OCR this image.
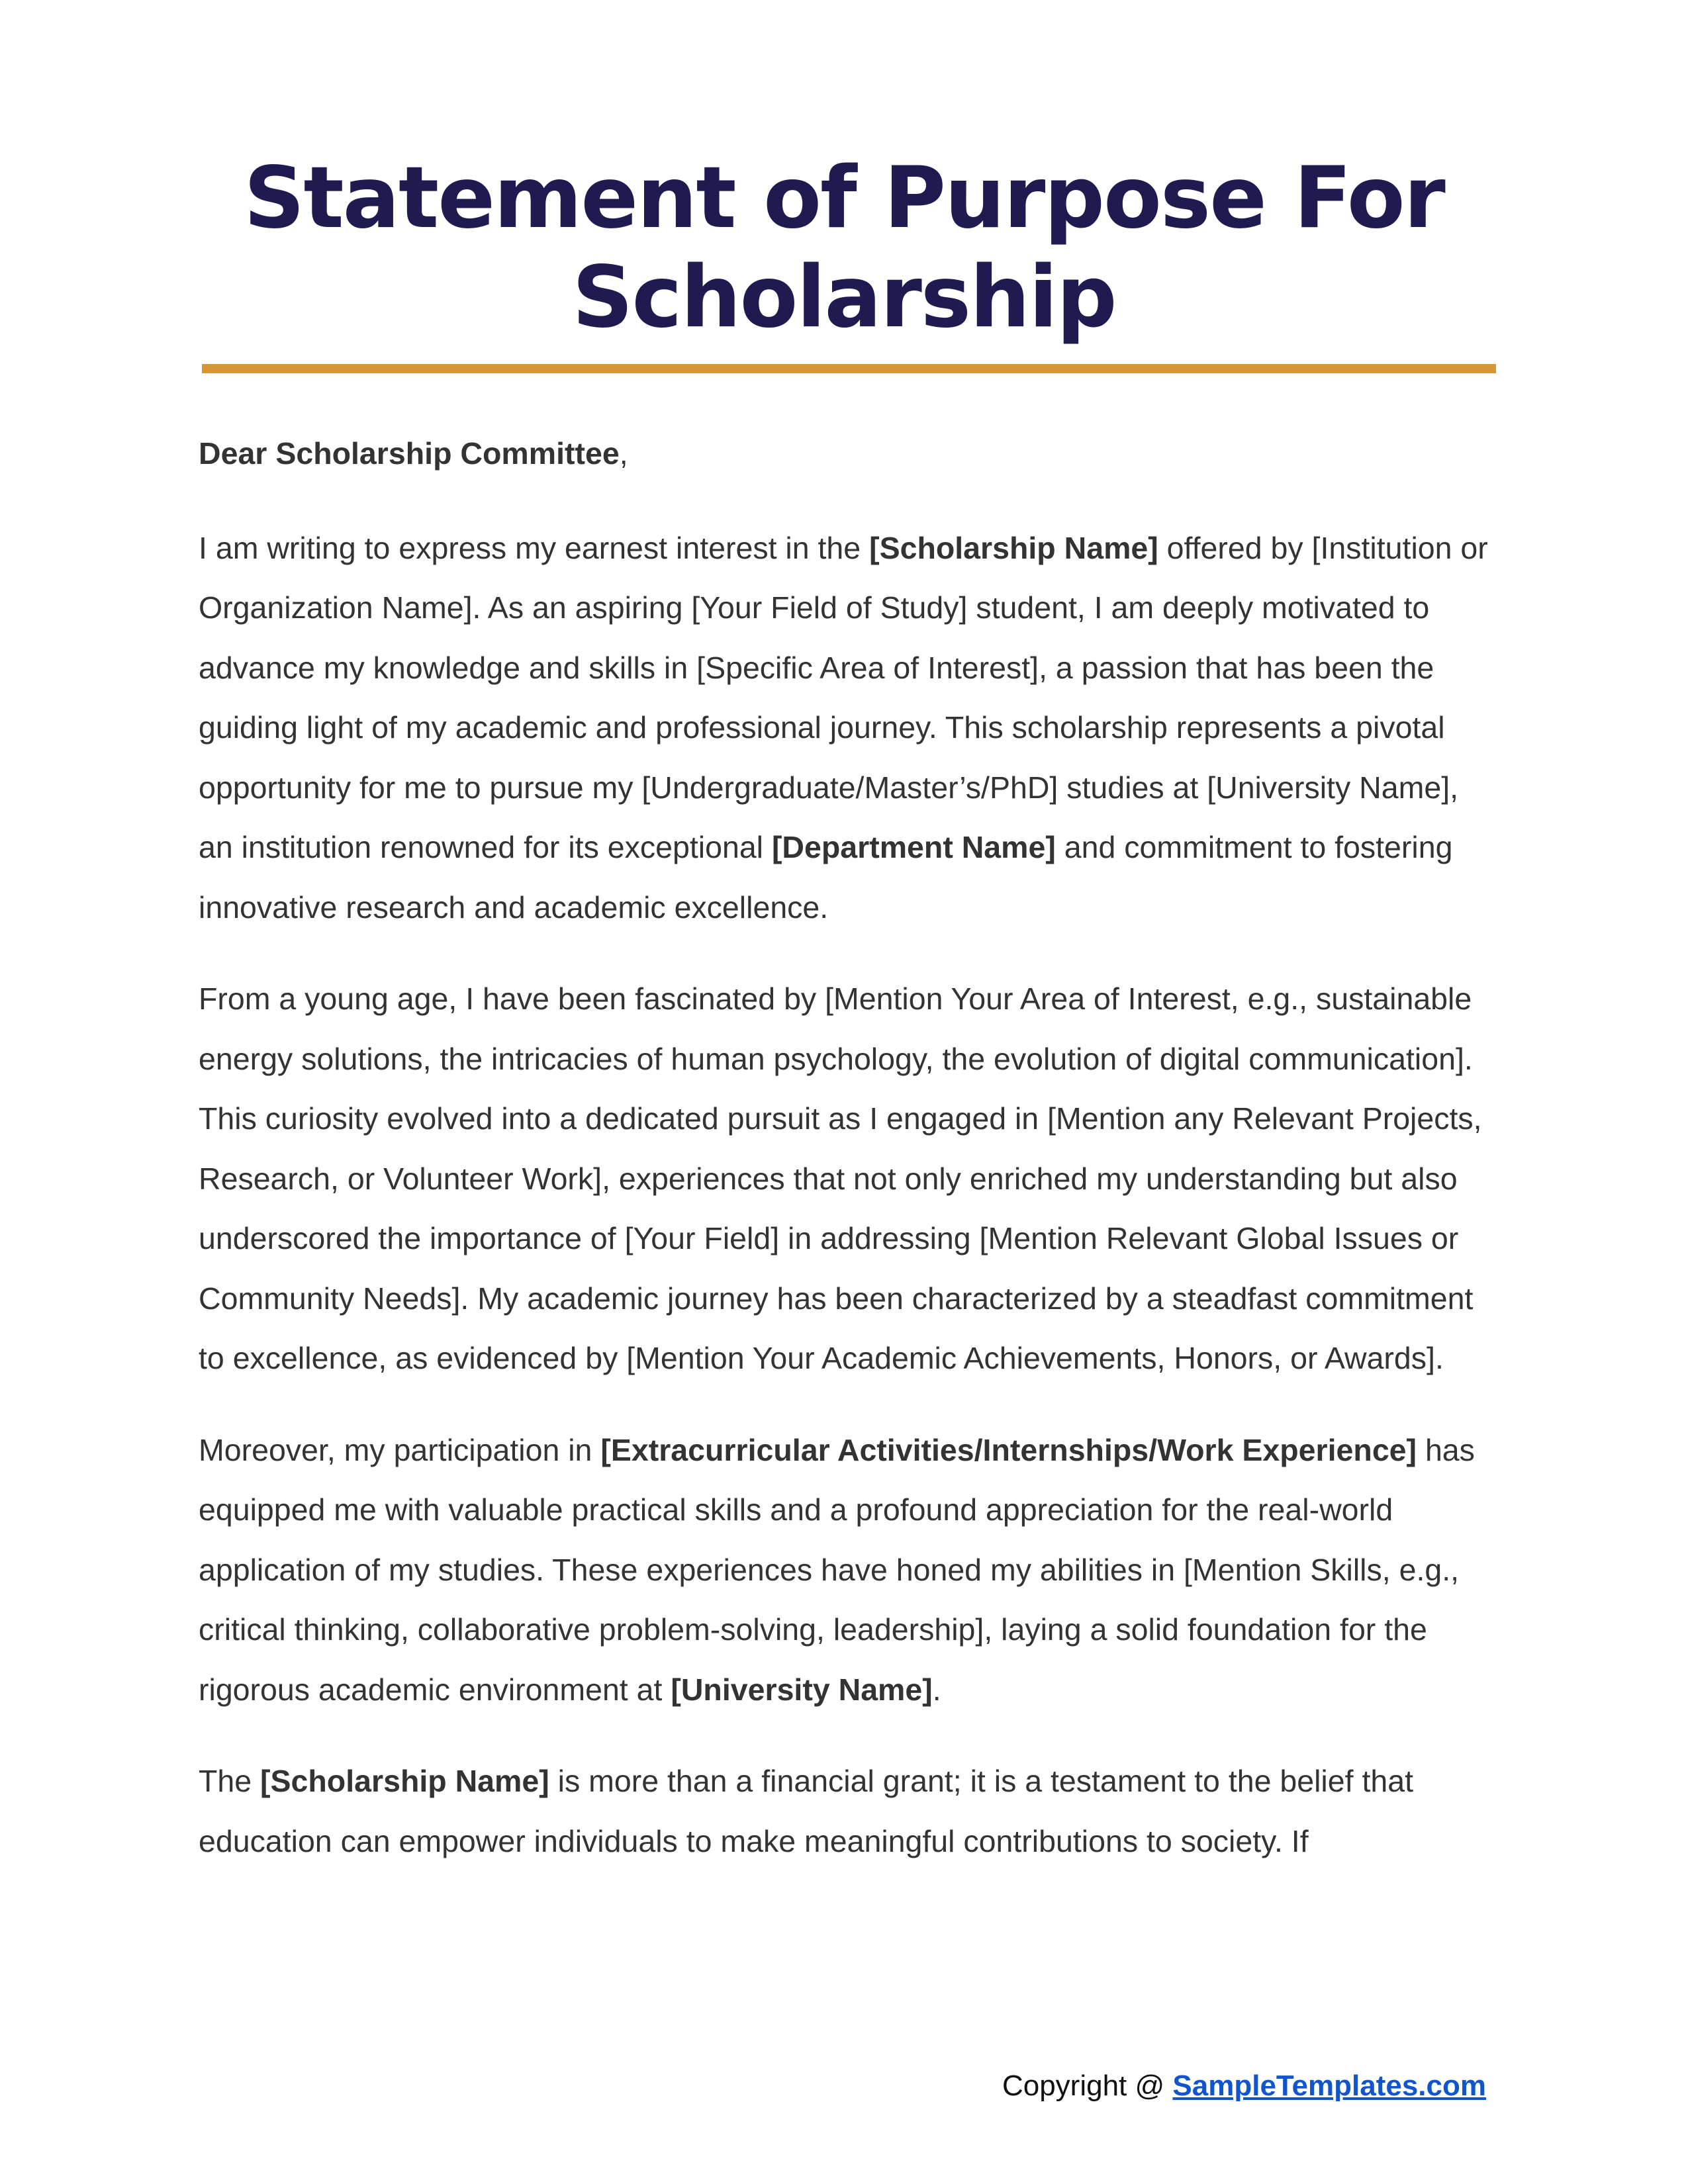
Statement of Purpose For
Scholarship

Dear Scholarship Committee,

I am writing to express my earnest interest in the [Scholarship Name] offered by [Institution or Organization Name]. As an aspiring [Your Field of Study] student, I am deeply motivated to advance my knowledge and skills in [Specific Area of Interest], a passion that has been the guiding light of my academic and professional journey. This scholarship represents a pivotal opportunity for me to pursue my [Undergraduate/Master’s/PhD] studies at [University Name], an institution renowned for its exceptional [Department Name] and commitment to fostering innovative research and academic excellence.

From a young age, I have been fascinated by [Mention Your Area of Interest, e.g., sustainable energy solutions, the intricacies of human psychology, the evolution of digital communication]. This curiosity evolved into a dedicated pursuit as I engaged in [Mention any Relevant Projects, Research, or Volunteer Work], experiences that not only enriched my understanding but also underscored the importance of [Your Field] in addressing [Mention Relevant Global Issues or Community Needs]. My academic journey has been characterized by a steadfast commitment to excellence, as evidenced by [Mention Your Academic Achievements, Honors, or Awards].

Moreover, my participation in [Extracurricular Activities/Internships/Work Experience] has equipped me with valuable practical skills and a profound appreciation for the real-world application of my studies. These experiences have honed my abilities in [Mention Skills, e.g., critical thinking, collaborative problem-solving, leadership], laying a solid foundation for the rigorous academic environment at [University Name].

The [Scholarship Name] is more than a financial grant; it is a testament to the belief that education can empower individuals to make meaningful contributions to society. If

Copyright @ SampleTemplates.com
